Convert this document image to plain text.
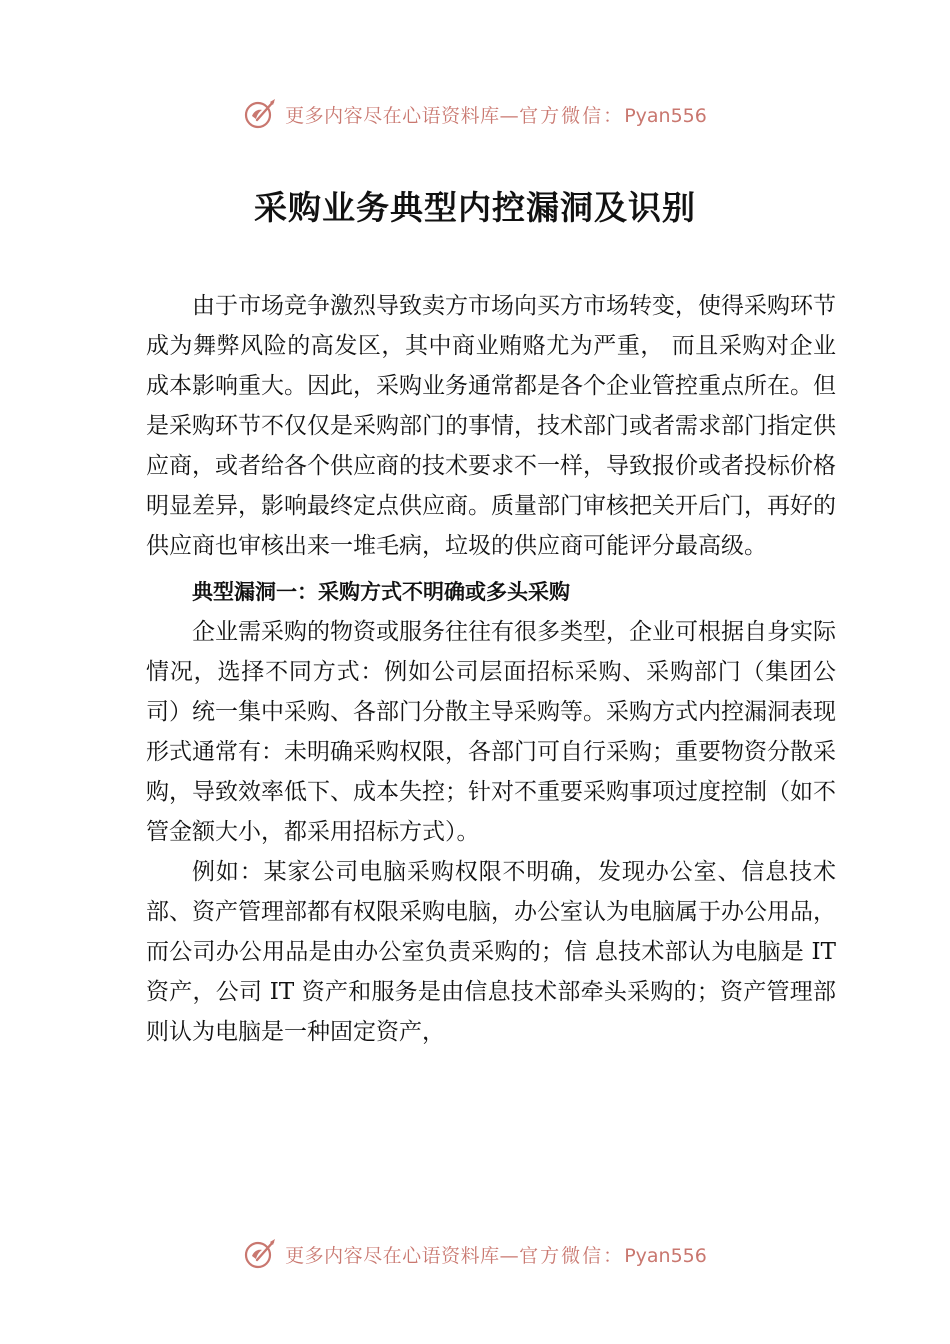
更多内容尽在心语资料库—官方微信：Pyan556
采购业务典型内控漏洞及识别

由于市场竞争激烈导致卖方市场向买方市场转变，使得采购环节成为舞弊风险的高发区，其中商业贿赂尤为严重， 而且采购对企业成本影响重大。因此，采购业务通常都是各个企业管控重点所在。但是采购环节不仅仅是采购部门的事情，技术部门或者需求部门指定供应商，或者给各个供应商的技术要求不一样，导致报价或者投标价格明显差异，影响最终定点供应商。质量部门审核把关开后门，再好的供应商也审核出来一堆毛病，垃圾的供应商可能评分最高级。

典型漏洞一：采购方式不明确或多头采购

企业需采购的物资或服务往往有很多类型，企业可根据自身实际情况，选择不同方式：例如公司层面招标采购、采购部门（集团公司）统一集中采购、各部门分散主导采购等。采购方式内控漏洞表现形式通常有：未明确采购权限，各部门可自行采购；重要物资分散采购，导致效率低下、成本失控；针对不重要采购事项过度控制（如不管金额大小，都采用招标方式）。

例如：某家公司电脑采购权限不明确，发现办公室、信息技术部、资产管理部都有权限采购电脑，办公室认为电脑属于办公用品，而公司办公用品是由办公室负责采购的；信 息技术部认为电脑是 IT 资产，公司 IT 资产和服务是由信息技术部牵头采购的；资产管理部则认为电脑是一种固定资产，

更多内容尽在心语资料库—官方微信：Pyan556
